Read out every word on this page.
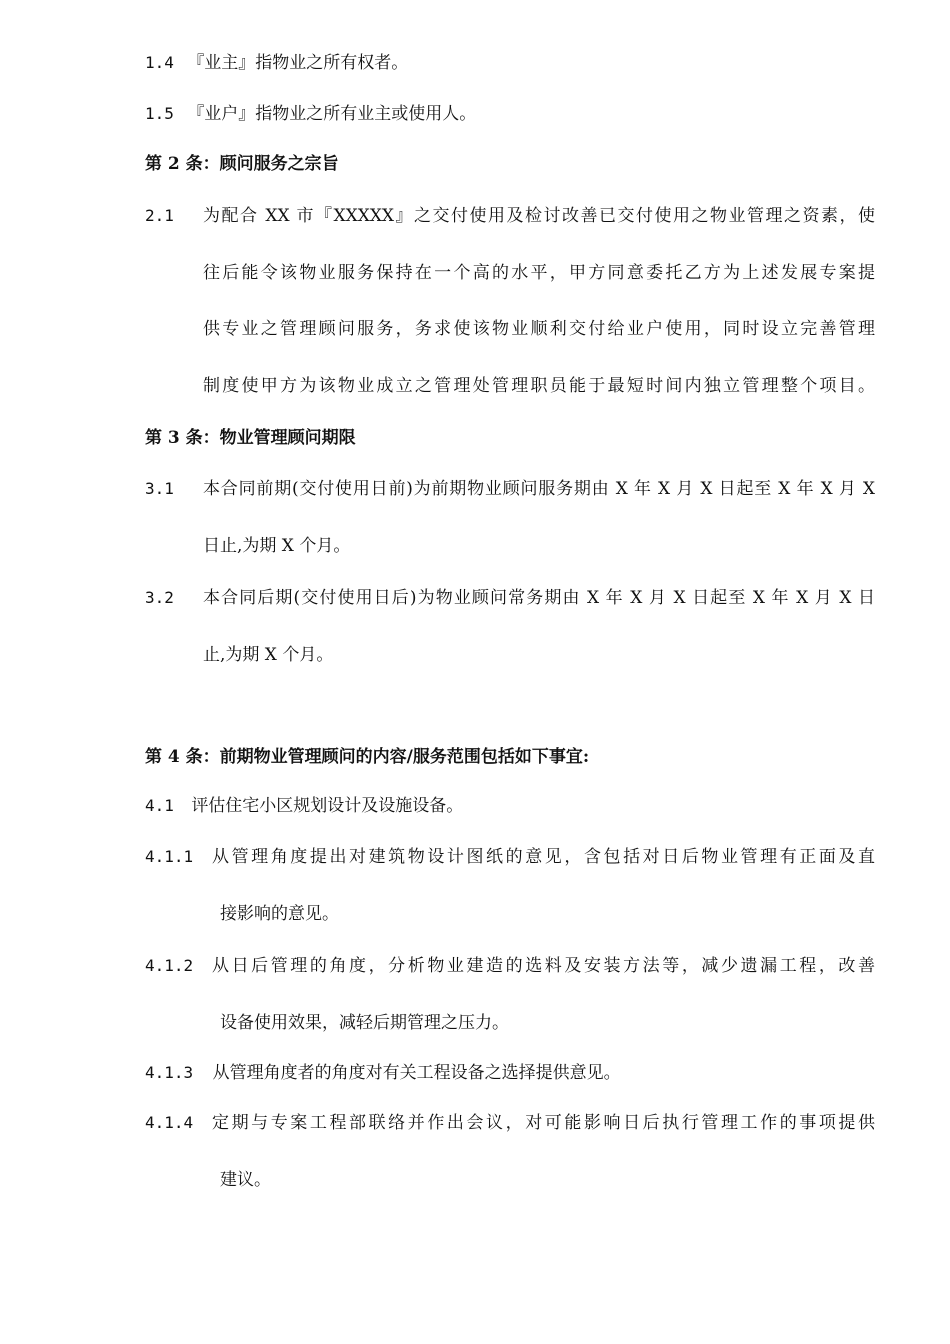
1.4 『业主』指物业之所有权者。
1.5 『业户』指物业之所有业主或使用人。
第 2 条：顾问服务之宗旨
2.1 为配合 XX 市『XXXXX』之交付使用及检讨改善已交付使用之物业管理之资素，使
往后能令该物业服务保持在一个高的水平，甲方同意委托乙方为上述发展专案提
供专业之管理顾问服务，务求使该物业顺利交付给业户使用，同时设立完善管理
制度使甲方为该物业成立之管理处管理职员能于最短时间内独立管理整个项目。
第 3 条：物业管理顾问期限
3.1 本合同前期(交付使用日前)为前期物业顾问服务期由 X 年 X 月 X 日起至 X 年 X 月 X
日止,为期 X 个月。
3.2 本合同后期(交付使用日后)为物业顾问常务期由 X 年 X 月 X 日起至 X 年 X 月 X 日
止,为期 X 个月。
第 4 条：前期物业管理顾问的内容/服务范围包括如下事宜:
4.1 评估住宅小区规划设计及设施设备。
4.1.1 从管理角度提出对建筑物设计图纸的意见，含包括对日后物业管理有正面及直
接影响的意见。
4.1.2 从日后管理的角度，分析物业建造的选料及安装方法等，减少遗漏工程，改善
设备使用效果，减轻后期管理之压力。
4.1.3 从管理角度者的角度对有关工程设备之选择提供意见。
4.1.4 定期与专案工程部联络并作出会议，对可能影响日后执行管理工作的事项提供
建议。
